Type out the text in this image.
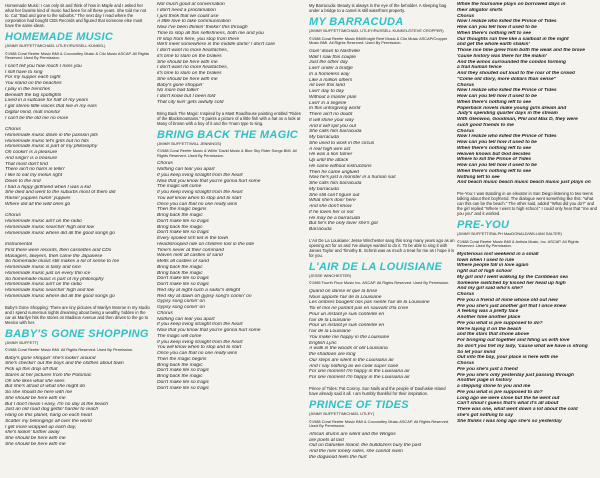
Homemade Music: I can only sit and think of how in Maple and I asked her what her favorite kind of music had been for all these years. She told me not to. Cut "Bad and gone to the suburbs." The next day I read where the corporation had bought CBS Records and figured that someone else must have the same ideas.
HOMEMADE MUSIC
(JIMMY BUFFETT/MICHAEL UTLEY/RUSSELL KUNKEL)
©1988 Coral Reefer Music BMI & Coconutley Music & Cilo Music ASCAP. All Rights Reserved. Used By Permission.
I can't tell you how much I miss you
I still have to sing
For my supper each night
You stand on the beaches
I play in the trenches
Beneath the big spotlights
Lived in a suitcase for half of my years
I got stereo little voices that live in my ears
Digital mind, mult monitor
I can't be the old me no more

Chorus
Homemade music down in the passion pits
Homemade music let's grits but no hits
Homemade music is part of my philosophy
Oh cookin' is a pleasure
And singin' is a treasure
That most don't find
There ain't no harm in tellin'
I like to eat my melon right
Down to the rind
I had a hippy girlfriend when I was a kid
She died and went to the suburbs most of them did
Raisin' yuppies hurtin' yuppies
Where did all the wild ones go

Chorus
Homemade music ain't on the radio
Homemade music searchin' high and low
Homemade music where did all the good songs go

Instrumental
First there were records, then cassettes and CDs
Managers, lawyers, then came the Japanese
So homemade music still makes a lot of sense to me
Homemade music is tasty and nice
Homemade music just on every thin ice
So homemade music is part of my philosophy
Homemade music ain't on the radio
Homemade music searchin' high and low
Homemade music where did all the good songs go
Baby's Gone Shopping: There are tiny pictures of Marilyn Monroe in my studio and I spend numerous nights dreaming about being a wealthy, hidden in the car as Marilyn hits the stores on Madison Avenue and then drives to the go to Mexico with her.
BABY'S GONE SHOPPING
(JIMMY BUFFETT)
©1988 Coral Reefer Music BMI. All Rights Reserved. Used By Permission.
Baby's gone shoppin' she's lookin' around
She's checkin' out the boys and the clothes about town
Pick up this drop off that
Stares at her pictures from the Potomac
Oh she likes what she sees
But she's afraid of what she might do
So she should be here with me
She should be here with me
But I don't mean I easy, I'm no day at the beach
Just an old road dog gettin' harder to reach
Hang on this planet, hang on each heart
Scatter my belongings all over the world
I get more wrapped up each day,
she's lookin' further away
She should be here with me
She should be here with me
Not much good at conversation
I don't need a proclamation
I just think that we could use
A little love to take communication
Now I've been thinkin' thinkin' this through
Time to stop all this selfishness, both me and you
I'll stop from here, you stop from there
We'll meet somewhere in the middle darlin' I don't care
I don't want no more heartaches,
it's time to slam on the brakes
She should be here with me
I don't want no more heartaches,
it's time to slam on the brakes
She should be here with me
Baby's gone shoppin'
No more bad talkin'
I don't know but I been told
That city livin' gets awfully cold
Bring Back The Magic: Inspired by a Mast Roadhouse painting entitled "Rides of the Blackmountains." It paints a picture of a little fish with a hat on a look at Many of brown with a boy of it and the Ynam type to sing.
BRING BACK THE MAGIC
(JIMMY BUFFETT/WILL JENNINGS)
©1988 Coral Reefer Music & Willin' David Music & Blue Sky Rider Songs BMI. All Rights Reserved. Used By Permission.
Chorus
Nothing can tear you apart
If you keep living straight from the heart
Now that you know that you're gonna hurt some
The magic will come
If you keep living straight from the heart
You will know when to stop and to start
Once you can that no one really wins
Then the magic begins
Bring back the magic
Don't make life so tragic
Bring back the magic
Don't make life so tragic
Every spoiled rich kid in the town
Headstrooped ride on children lost in the tide
Time's never at their command
Waves melt all castles of sand
Melts all castles of sand
Bring back the magic
Bring back the magic
Don't make life so tragic
Don't make life so tragic
Red sky at night such a sailor's delight
Red sky at dawn oh gypsy song's comin' on
Gypsy song comin' on
Gypsy song comin' on
Chorus
Nothing can tear you apart
If you keep living straight from the heart
Now that you know that you're gonna hurt some
The magic will come
If you keep living straight from the heart
You will know when to stop and to start
Once you can that no one really wins
Then the magic begins
Bring back the magic
Don't make life so tragic
Bring back the magic
Don't make life so tragic
Don't make life so tragic
My Barracuda: Beauty is always in the eye of the beholder. A sleeping bag under a bridge to a camel is still waterfront property.
MY BARRACUDA
(JIMMY BUFFETT/MICHAEL UTLEY/RUSSELL KUNKEL/STEVE CROPPER)
©1988 Coral Reefer Music BMI/Knight Reef Music & Cilo Music ASCAP/Cropper Music BMI. All Rights Reserved. Used By Permission.
Goin' down to Nashville
Wall I saw this couple
Just the other day
Livin' under a bridge
In a homeless way
Like a million others
All over this land
Livin' day to day
Without a master plan
Livin' in a lingerie
In this unforgiving world
There ain't no doubt
It will shine your way
And it will spit you out
She calls him barracuda
My barracuda
She used to work in the circus
A real high wire act
He was a lion tamer
Up until the attack
He came without instructions
Then he came unglued
Now he's just a monster in a human suit
She calls him barracuda
My barracuda
She still can't figure out
What she's doin' here
And she don't know
If he loves her or not
He may be a barracuda
But he's the only lover she's got
Barracuda
L'Air De La Louisiane: Jesse Winchester sang this song many years ago as an opening act for us and I've always wanted to do it. To be able to sing it with James Taylor and Timothy B. Schmit was as much a treat for me as I hope it is for you.
L'AIR DE LA LOUISIANE
(JESSE WINCHESTER)
©1985 Fourth Floor Music Inc. ASCAP. All Rights Reserved. Used By Permission.
Quand on danse et que la brise
Nous apporte l'air de la Louisiane
Les ombres bougent nos pas siente l'air de la Louisiane
Toi et moi ne parlant pas en sauvant d'la crise
Pour un instant je suis contente en
l'air de la Louisiane
Pour un instant je suis contente en
l'air de la Louisiane
You make me happy in the Louisiane
English Lyric
A walk in the woods of old Louisiana
the shadows are long
Our steps are silent in the Louisiana air
And I say nothing as we cook super cane
For one moment I'm happy in the Louisiana air
For one moment I'm happy in the Louisiana air
Prince of Tides: Pat Conroy. Sun Nails and the people of Daufuskie Island have already said it all. I am humbly thankful for their inspiration.
PRINCE OF TIDES
(JIMMY BUFFETT/MICHAEL UTLEY)
©1988 Coral Reefer Music BMI & Coconutley Music ASCAP. All Rights Reserved. Used By Permission.
African drums are silent and the Wingos
are poets at last
Out on Dafuskie Island, the bulldozers bury the past
And the river lonely sides, she cannot swim
the dogwood feels the hurt
While the foursome plays on borrowed days in
their alligator shirts
Chorus
Now I realize who killed the Prince of Tides
How can you tell how it used to be
When there's nothing left to see
Our thoughts run free like a sailboat in the night
and get the whole earth shakin'
Those rice time grew from both the weak and the brave
'cause history was there for the makin'
And the winos surrounded the condos forming
a trail human fence
And they shouted out loud to the roar of the crowd
"Come old story, more dollars than sense"
Chorus
Now I realize who killed the Prince of Tides
How can you tell how it used to be
When there's nothing left to see
Paperback novels make young girls dream and
Judy's spending quarter days in the stream
With Glenwoo, Goodman, Phil and Max D, they were
such good friends to me
Chorus
Now I realize who killed the Prince of Tides
How can you tell how it used to be
When there's nothing left to see
Heaven knows but God decides
Where to kill the Prince of Tides
How can you tell how it used to be
When there's nothing left to see
Nothing left to see
And beach music beach music beach music just plays on
Pre-You: I was standing in an elevator in San Diego listening to two teens talking about their boyfriend. The dialogue went something like this: "what can this can be the beach." The other said, added "What did you do?" and the girl replied "Where I went to high school." I could only hear that "me and you you" and it worked.
PRE-YOU
(JIMMY BUFFETT/RALPH MacDONALD/WILLIAM SALTER)
©1988 Coral Reefer Music BMI & Antisia Music, Inc. ASCAP. All Rights Reserved. Used By Permission.
Mysterious lost weekend in a small
town when I used to rule
Where people fall in love again
right out of high school
My girl and I went walking by the Caribbean sea
Someone switched by kissed her head up high
And my girl said who's she?
Chorus
Pre you a friend of mine whose old out new
Pre you she's just another girl that I once knew
A feeling was a pretty face
Another time another place
Pre you what is pre supposed to do?
We're laying it on the beach
and the stars that shone above
For bringing out together and filling us with love
So don't you fret my lady, 'cause what we have is strong
So let your mind
Out into the bay, your place is here with me
Chorus
Pre you she's just a friend
Pre you she's only yesterday just passing through
Another page in history
a stepping stone to you and me
Pre you what is pre supposed to do?
Long ago we were close but the tie went out
Can't shout I guess that's what it's all about
There was one, what went down a lot about the cold
she's got nothing to say
She thinks I was long ago she's so yesterday
